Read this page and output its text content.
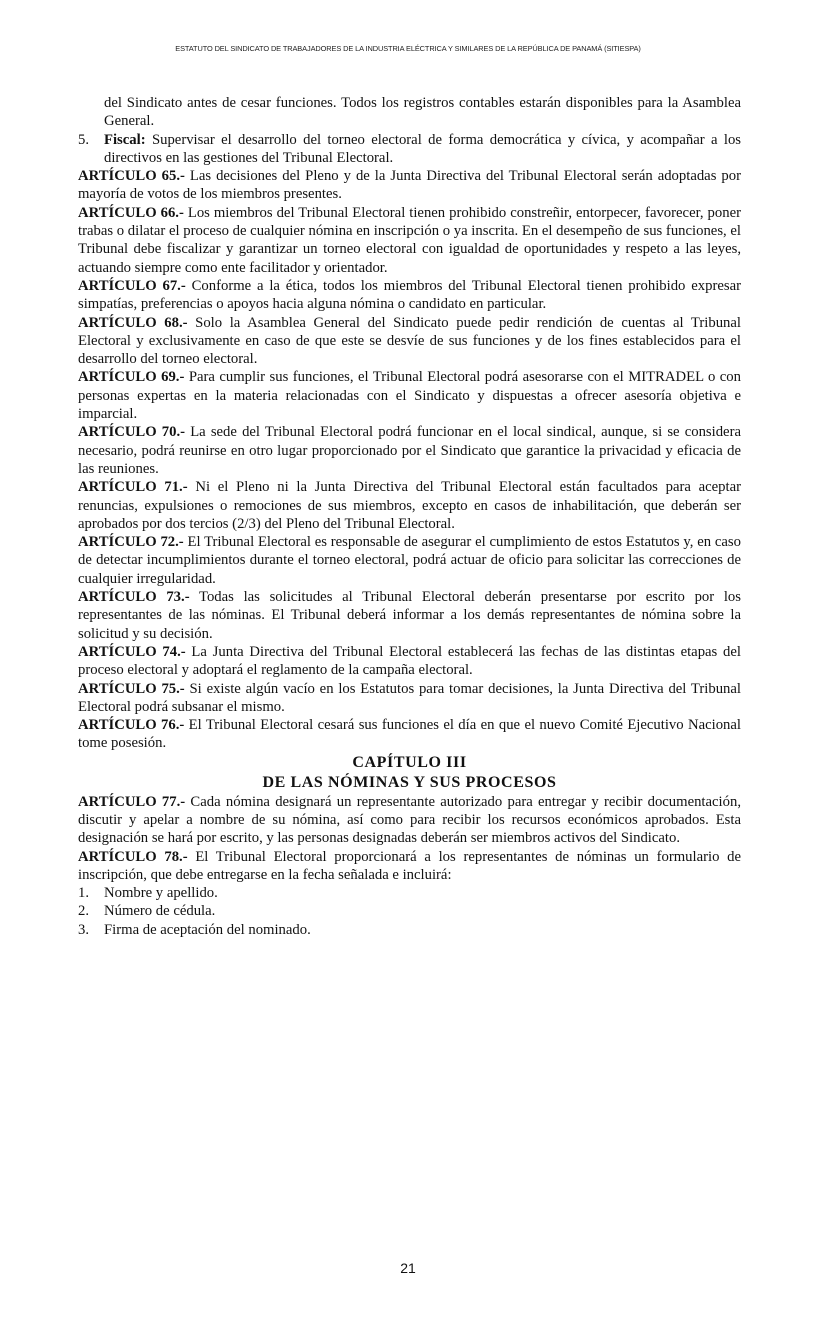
ESTATUTO DEL SINDICATO DE TRABAJADORES DE LA INDUSTRIA ELÉCTRICA Y SIMILARES DE LA REPÚBLICA DE PANAMÁ (SITIESPA)

del Sindicato antes de cesar funciones. Todos los registros contables estarán disponibles para la Asamblea General.

5.	Fiscal: Supervisar el desarrollo del torneo electoral de forma democrática y cívica, y acompañar a los directivos en las gestiones del Tribunal Electoral.

ARTÍCULO 65.- Las decisiones del Pleno y de la Junta Directiva del Tribunal Electoral serán adoptadas por mayoría de votos de los miembros presentes.

ARTÍCULO 66.- Los miembros del Tribunal Electoral tienen prohibido constreñir, entorpecer, favorecer, poner trabas o dilatar el proceso de cualquier nómina en inscripción o ya inscrita. En el desempeño de sus funciones, el Tribunal debe fiscalizar y garantizar un torneo electoral con igualdad de oportunidades y respeto a las leyes, actuando siempre como ente facilitador y orientador.

ARTÍCULO 67.- Conforme a la ética, todos los miembros del Tribunal Electoral tienen prohibido expresar simpatías, preferencias o apoyos hacia alguna nómina o candidato en particular.

ARTÍCULO 68.- Solo la Asamblea General del Sindicato puede pedir rendición de cuentas al Tribunal Electoral y exclusivamente en caso de que este se desvíe de sus funciones y de los fines establecidos para el desarrollo del torneo electoral.

ARTÍCULO 69.- Para cumplir sus funciones, el Tribunal Electoral podrá asesorarse con el MITRADEL o con personas expertas en la materia relacionadas con el Sindicato y dispuestas a ofrecer asesoría objetiva e imparcial.

ARTÍCULO 70.- La sede del Tribunal Electoral podrá funcionar en el local sindical, aunque, si se considera necesario, podrá reunirse en otro lugar proporcionado por el Sindicato que garantice la privacidad y eficacia de las reuniones.

ARTÍCULO 71.- Ni el Pleno ni la Junta Directiva del Tribunal Electoral están facultados para aceptar renuncias, expulsiones o remociones de sus miembros, excepto en casos de inhabilitación, que deberán ser aprobados por dos tercios (2/3) del Pleno del Tribunal Electoral.

ARTÍCULO 72.- El Tribunal Electoral es responsable de asegurar el cumplimiento de estos Estatutos y, en caso de detectar incumplimientos durante el torneo electoral, podrá actuar de oficio para solicitar las correcciones de cualquier irregularidad.

ARTÍCULO 73.- Todas las solicitudes al Tribunal Electoral deberán presentarse por escrito por los representantes de las nóminas. El Tribunal deberá informar a los demás representantes de nómina sobre la solicitud y su decisión.

ARTÍCULO 74.- La Junta Directiva del Tribunal Electoral establecerá las fechas de las distintas etapas del proceso electoral y adoptará el reglamento de la campaña electoral.

ARTÍCULO 75.- Si existe algún vacío en los Estatutos para tomar decisiones, la Junta Directiva del Tribunal Electoral podrá subsanar el mismo.

ARTÍCULO 76.- El Tribunal Electoral cesará sus funciones el día en que el nuevo Comité Ejecutivo Nacional tome posesión.

CAPÍTULO III
DE LAS NÓMINAS Y SUS PROCESOS

ARTÍCULO 77.- Cada nómina designará un representante autorizado para entregar y recibir documentación, discutir y apelar a nombre de su nómina, así como para recibir los recursos económicos aprobados. Esta designación se hará por escrito, y las personas designadas deberán ser miembros activos del Sindicato.

ARTÍCULO 78.- El Tribunal Electoral proporcionará a los representantes de nóminas un formulario de inscripción, que debe entregarse en la fecha señalada e incluirá:

1.	Nombre y apellido.
2.	Número de cédula.
3.	Firma de aceptación del nominado.
21
